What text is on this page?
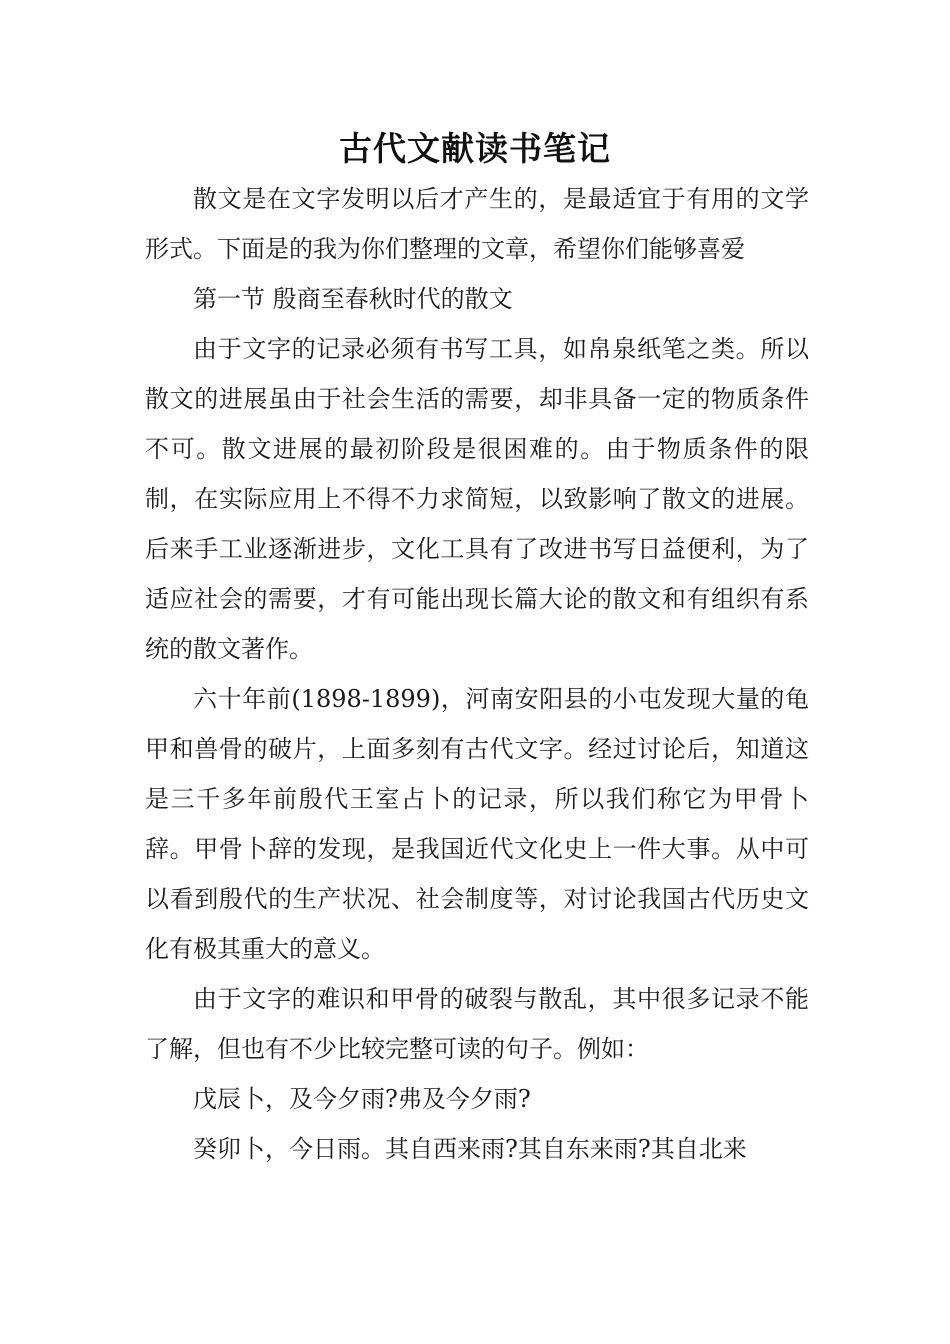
古代文献读书笔记

散文是在文字发明以后才产生的，是最适宜于有用的文学形式。下面是的我为你们整理的文章，希望你们能够喜爱

第一节 殷商至春秋时代的散文

由于文字的记录必须有书写工具，如帛泉纸笔之类。所以散文的进展虽由于社会生活的需要，却非具备一定的物质条件不可。散文进展的最初阶段是很困难的。由于物质条件的限制，在实际应用上不得不力求简短，以致影响了散文的进展。后来手工业逐渐进步，文化工具有了改进书写日益便利，为了适应社会的需要，才有可能出现长篇大论的散文和有组织有系统的散文著作。

六十年前(1898-1899)，河南安阳县的小屯发现大量的龟甲和兽骨的破片，上面多刻有古代文字。经过讨论后，知道这是三千多年前殷代王室占卜的记录，所以我们称它为甲骨卜辞。甲骨卜辞的发现，是我国近代文化史上一件大事。从中可以看到殷代的生产状况、社会制度等，对讨论我国古代历史文化有极其重大的意义。

由于文字的难识和甲骨的破裂与散乱，其中很多记录不能了解，但也有不少比较完整可读的句子。例如：

戊辰卜，及今夕雨?弗及今夕雨?

癸卯卜，今日雨。其自西来雨?其自东来雨?其自北来
